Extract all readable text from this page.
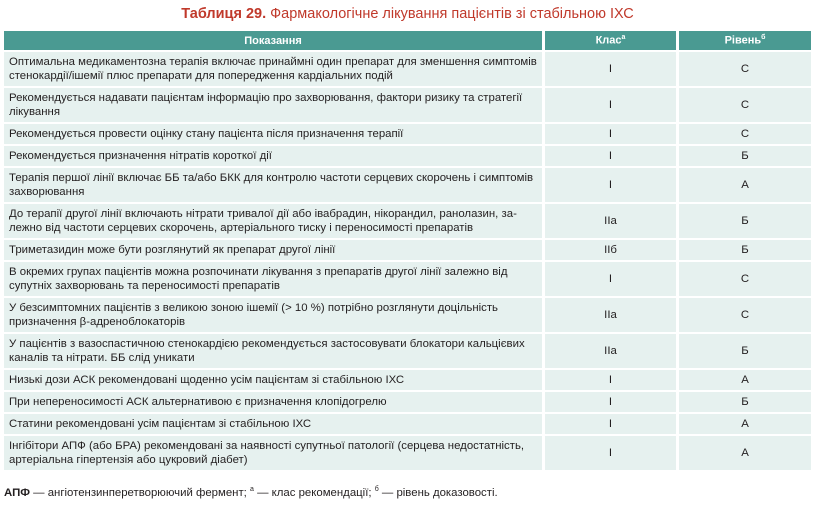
Таблиця 29. Фармакологічне лікування пацієнтів зі стабільною ІХС
Показання	Клас$^а$	Рівень$^б$
Оптимальна медикаментозна терапія включає принаймні один препарат для зменшення симптомів стенокардії/ішемії плюс препарати для попередження кардіальних подій	I	С
Рекомендується надавати пацієнтам інформацію про захворювання, фактори ризику та стратегії лікування	I	С
Рекомендується провести оцінку стану пацієнта після призначення терапії	I	С
Рекомендується призначення нітратів короткої дії	I	Б
Терапія першої лінії включає ББ та/або БКК для контролю частоти серцевих скорочень і симптомів захворювання	I	А
До терапії другої лінії включають нітрати тривалої дії або івабрадин, нікорандил, ранолазин, залежно від частоти серцевих скорочень, артеріального тиску і переносимості препаратів	IIa	Б
Триметазидин може бути розглянутий як препарат другої лінії	IIб	Б
В окремих групах пацієнтів можна розпочинати лікування з препаратів другої лінії залежно від супутніх захворювань та переносимості препаратів	I	С
У безсимптомних пацієнтів з великою зоною ішемії (> 10 %) потрібно розглянути доцільність призначення β-адреноблокаторів	IIa	С
У пацієнтів з вазоспастичною стенокардією рекомендується застосовувати блокатори кальцієвих каналів та нітрати. ББ слід уникати	IIa	Б
Низькі дози АСК рекомендовані щоденно усім пацієнтам зі стабільною ІХС	I	А
При непереносимості АСК альтернативою є призначення клопідогрелю	I	Б
Статини рекомендовані усім пацієнтам зі стабільною ІХС	I	А
Інгібітори АПФ (або БРА) рекомендовані за наявності супутньої патології (серцева недостатність, артеріальна гіпертензія або цукровий діабет)	I	А
АПФ — ангіотензинперетворюючий фермент; $^а$ — клас рекомендації; $^б$ — рівень доказовості.
